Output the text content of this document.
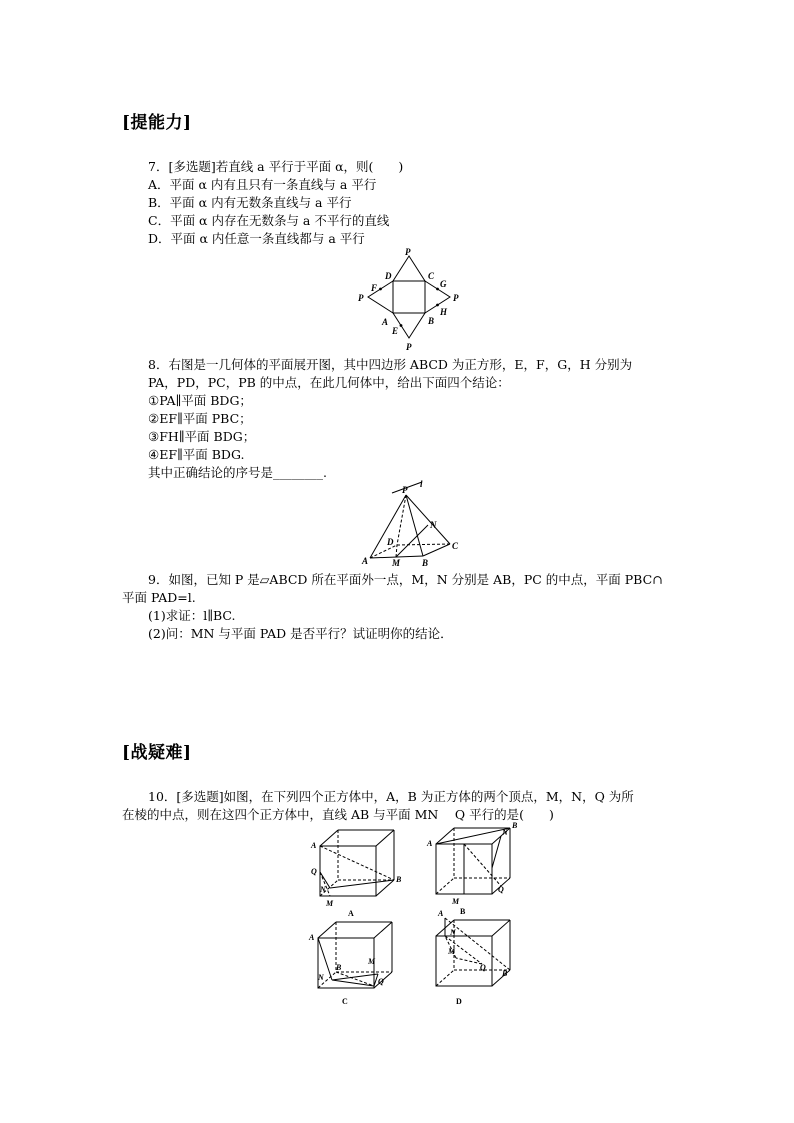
[提能力]
7．[多选题]若直线 a 平行于平面 α，则(　　)
A．平面 α 内有且只有一条直线与 a 平行
B．平面 α 内有无数条直线与 a 平行
C．平面 α 内存在无数条与 a 不平行的直线
D．平面 α 内任意一条直线都与 a 平行
P
P	P
P
D	C
A	B
F	G
H
E
8．右图是一几何体的平面展开图，其中四边形 ABCD 为正方形，E，F，G，H 分别为
PA，PD，PC，PB 的中点，在此几何体中，给出下面四个结论：
①PA∥平面 BDG；
②EF∥平面 PBC；
③FH∥平面 BDG；
④EF∥平面 BDG.
其中正确结论的序号是________.
P
l
N
D
A	M B
C
9．如图，已知 P 是▱ABCD 所在平面外一点，M，N 分别是 AB，PC 的中点，平面 PBC∩
平面 PAD=l.
(1)求证：l∥BC.
(2)问：MN 与平面 PAD 是否平行？试证明你的结论．
[战疑难]
10．[多选题]如图，在下列四个正方体中，A，B 为正方体的两个顶点，M，N，Q 为所
在棱的中点，则在这四个正方体中，直线 AB 与平面 MN　 Q 平行的是(　　)
A
B
Q
N
M
A
A
B
N
Q
M
B
A
B
N
M
Q
C
A
N
M
Q
B
D
